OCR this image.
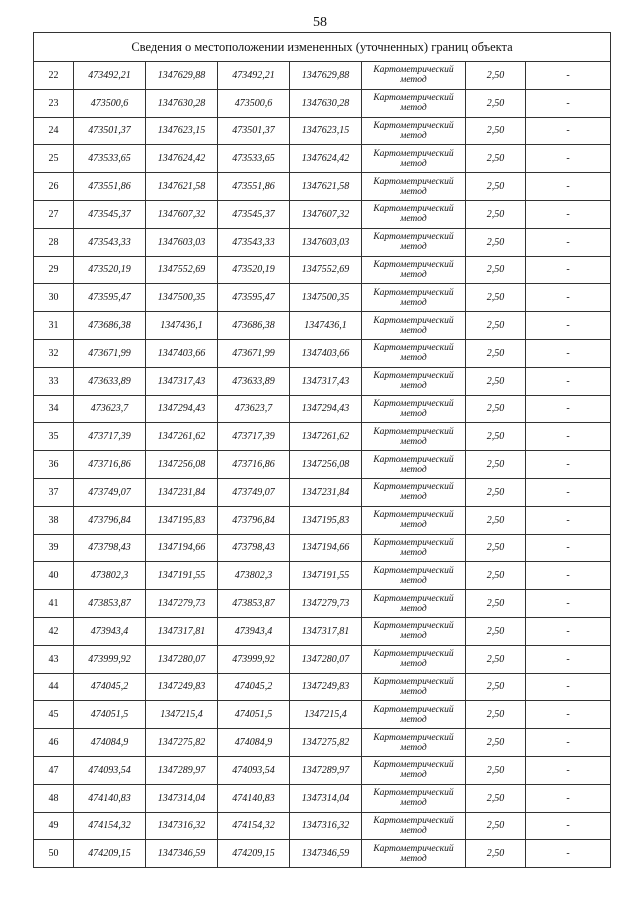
58
Сведения о местоположении измененных (уточненных) границ объекта							
22	473492,21	1347629,88	473492,21	1347629,88	Картометрический метод	2,50	-
23	473500,6	1347630,28	473500,6	1347630,28	Картометрический метод	2,50	-
24	473501,37	1347623,15	473501,37	1347623,15	Картометрический метод	2,50	-
25	473533,65	1347624,42	473533,65	1347624,42	Картометрический метод	2,50	-
26	473551,86	1347621,58	473551,86	1347621,58	Картометрический метод	2,50	-
27	473545,37	1347607,32	473545,37	1347607,32	Картометрический метод	2,50	-
28	473543,33	1347603,03	473543,33	1347603,03	Картометрический метод	2,50	-
29	473520,19	1347552,69	473520,19	1347552,69	Картометрический метод	2,50	-
30	473595,47	1347500,35	473595,47	1347500,35	Картометрический метод	2,50	-
31	473686,38	1347436,1	473686,38	1347436,1	Картометрический метод	2,50	-
32	473671,99	1347403,66	473671,99	1347403,66	Картометрический метод	2,50	-
33	473633,89	1347317,43	473633,89	1347317,43	Картометрический метод	2,50	-
34	473623,7	1347294,43	473623,7	1347294,43	Картометрический метод	2,50	-
35	473717,39	1347261,62	473717,39	1347261,62	Картометрический метод	2,50	-
36	473716,86	1347256,08	473716,86	1347256,08	Картометрический метод	2,50	-
37	473749,07	1347231,84	473749,07	1347231,84	Картометрический метод	2,50	-
38	473796,84	1347195,83	473796,84	1347195,83	Картометрический метод	2,50	-
39	473798,43	1347194,66	473798,43	1347194,66	Картометрический метод	2,50	-
40	473802,3	1347191,55	473802,3	1347191,55	Картометрический метод	2,50	-
41	473853,87	1347279,73	473853,87	1347279,73	Картометрический метод	2,50	-
42	473943,4	1347317,81	473943,4	1347317,81	Картометрический метод	2,50	-
43	473999,92	1347280,07	473999,92	1347280,07	Картометрический метод	2,50	-
44	474045,2	1347249,83	474045,2	1347249,83	Картометрический метод	2,50	-
45	474051,5	1347215,4	474051,5	1347215,4	Картометрический метод	2,50	-
46	474084,9	1347275,82	474084,9	1347275,82	Картометрический метод	2,50	-
47	474093,54	1347289,97	474093,54	1347289,97	Картометрический метод	2,50	-
48	474140,83	1347314,04	474140,83	1347314,04	Картометрический метод	2,50	-
49	474154,32	1347316,32	474154,32	1347316,32	Картометрический метод	2,50	-
50	474209,15	1347346,59	474209,15	1347346,59	Картометрический метод	2,50	-
